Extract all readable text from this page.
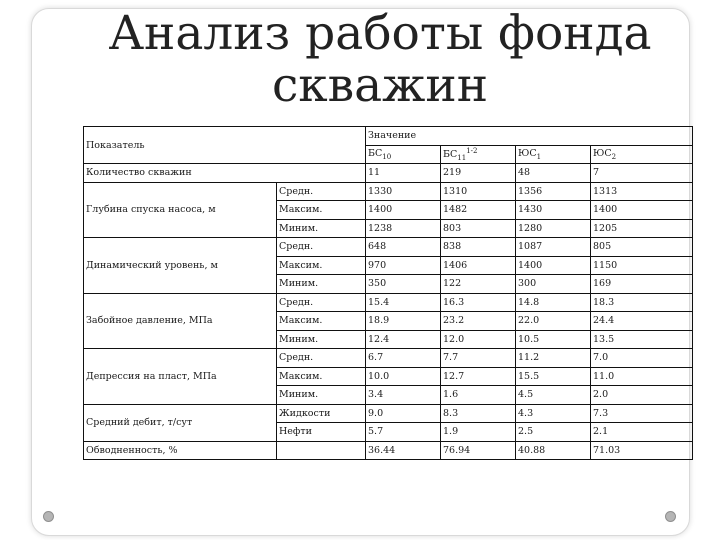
Анализ работы фонда
скважин
Показатель		Значение			
		$БС_{10}$	$БС_{11}^{1-2}$	$ЮС_1$	$ЮС_2$
Количество скважин		11	219	48	7
Глубина спуска насоса, м	Средн.	1330	1310	1356	1313
	Максим.	1400	1482	1430	1400
	Миним.	1238	803	1280	1205
Динамический уровень, м	Средн.	648	838	1087	805
	Максим.	970	1406	1400	1150
	Миним.	350	122	300	169
Забойное давление, МПа	Средн.	15.4	16.3	14.8	18.3
	Максим.	18.9	23.2	22.0	24.4
	Миним.	12.4	12.0	10.5	13.5
Депрессия на пласт, МПа	Средн.	6.7	7.7	11.2	7.0
	Максим.	10.0	12.7	15.5	11.0
	Миним.	3.4	1.6	4.5	2.0
Средний дебит, т/сут	Жидкости	9.0	8.3	4.3	7.3
	Нефти	5.7	1.9	2.5	2.1
Обводненность, %		36.44	76.94	40.88	71.03
